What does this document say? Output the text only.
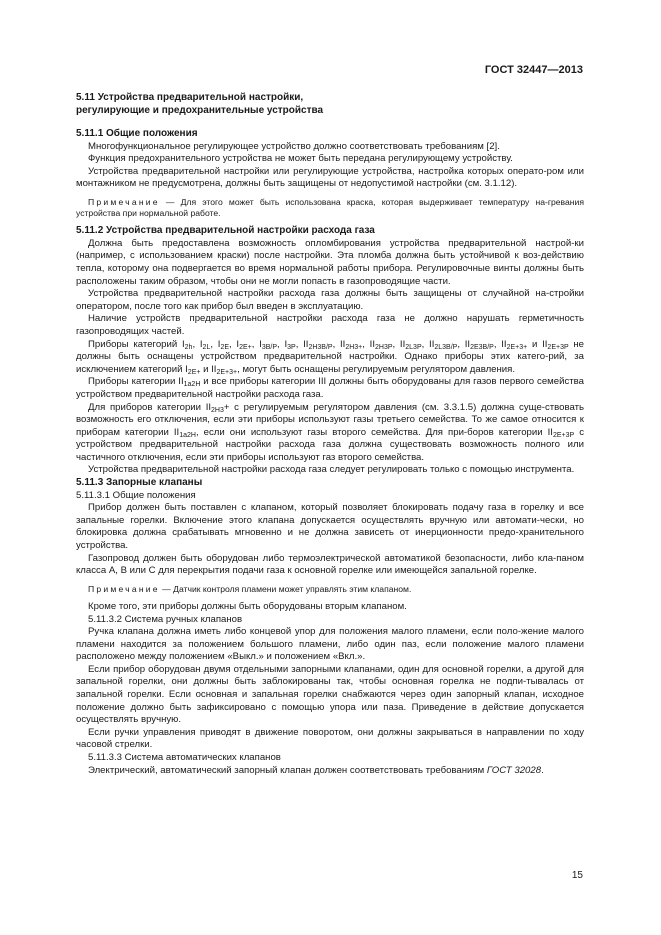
ГОСТ 32447—2013
5.11 Устройства предварительной настройки,
регулирующие и предохранительные устройства
5.11.1 Общие положения

Многофункциональное регулирующее устройство должно соответствовать требованиям [2].

Функция предохранительного устройства не может быть передана регулирующему устройству.

Устройства предварительной настройки или регулирующие устройства, настройка которых операто-ром или монтажником не предусмотрена, должны быть защищены от недопустимой настройки (см. 3.1.12).

Примечание — Для этого может быть использована краска, которая выдерживает температуру на-гревания устройства при нормальной работе.

5.11.2 Устройства предварительной настройки расхода газа

Должна быть предоставлена возможность опломбирования устройства предварительной настрой-ки (например, с использованием краски) после настройки. Эта пломба должна быть устойчивой к воз-действию тепла, которому она подвергается во время нормальной работы прибора. Регулировочные винты должны быть расположены таким образом, чтобы они не могли попасть в газопроводящие части.

Устройства предварительной настройки расхода газа должны быть защищены от случайной на-стройки оператором, после того как прибор был введен в эксплуатацию.

Наличие устройств предварительной настройки расхода газа не должно нарушать герметичность газопроводящих частей.

Приборы категорий $I_{2h}$, $I_{2L}$, $I_{2E}$, $I_{2E+}$, $I_{3B/P}$, $I_{3P}$, $II_{2H3B/P}$, $II_{2H3+}$, $II_{2H3P}$, $II_{2L3P}$, $II_{2L3B/P}$, $II_{2E3B/P}$, $II_{2E+3+}$ и $II_{2E+3P}$ не должны быть оснащены устройством предварительной настройки. Однако приборы этих катего-рий, за исключением категорий $I_{2E+}$ и $II_{2E+3+}$, могут быть оснащены регулируемым регулятором давления.

Приборы категории $II_{1a2H}$ и все приборы категории III должны быть оборудованы для газов первого семейства устройством предварительной настройки расхода газа.

Для приборов категории $II_{2H3}+ с$ регулируемым регулятором давления (см. 3.3.1.5) должна суще-ствовать возможность его отключения, если эти приборы используют газы третьего семейства. То же самое относится к приборам категории $II_{1a2H}$, если они используют газы второго семейства. Для при-боров категории $II_{2E+3P}$ с устройством предварительной настройки расхода газа должна существовать возможность полного или частичного отключения, если эти приборы используют газ второго семейства.

Устройства предварительной настройки расхода газа следует регулировать только с помощью инструмента.

5.11.3 Запорные клапаны

5.11.3.1 Общие положения

Прибор должен быть поставлен с клапаном, который позволяет блокировать подачу газа в горелку и все запальные горелки. Включение этого клапана допускается осуществлять вручную или автомати-чески, но блокировка должна срабатывать мгновенно и не должна зависеть от инерционности предо-хранительного устройства.

Газопровод должен быть оборудован либо термоэлектрической автоматикой безопасности, либо кла-паном класса A, B или C для перекрытия подачи газа к основной горелке или имеющейся запальной горелке.

Примечание — Датчик контроля пламени может управлять этим клапаном.

Кроме того, эти приборы должны быть оборудованы вторым клапаном.

5.11.3.2 Система ручных клапанов

Ручка клапана должна иметь либо концевой упор для положения малого пламени, если поло-жение малого пламени находится за положением большого пламени, либо один паз, если положение малого пламени расположено между положением «Выкл.» и положением «Вкл.».

Если прибор оборудован двумя отдельными запорными клапанами, один для основной горелки, а другой для запальной горелки, они должны быть заблокированы так, чтобы основная горелка не подпи-тывалась от запальной горелки. Если основная и запальная горелки снабжаются через один запорный клапан, исходное положение должно быть зафиксировано с помощью упора или паза. Приведение в действие допускается осуществлять вручную.

Если ручки управления приводят в движение поворотом, они должны закрываться в направлении по ходу часовой стрелки.

5.11.3.3 Система автоматических клапанов

Электрический, автоматический запорный клапан должен соответствовать требованиям ГОСТ 32028.

15
